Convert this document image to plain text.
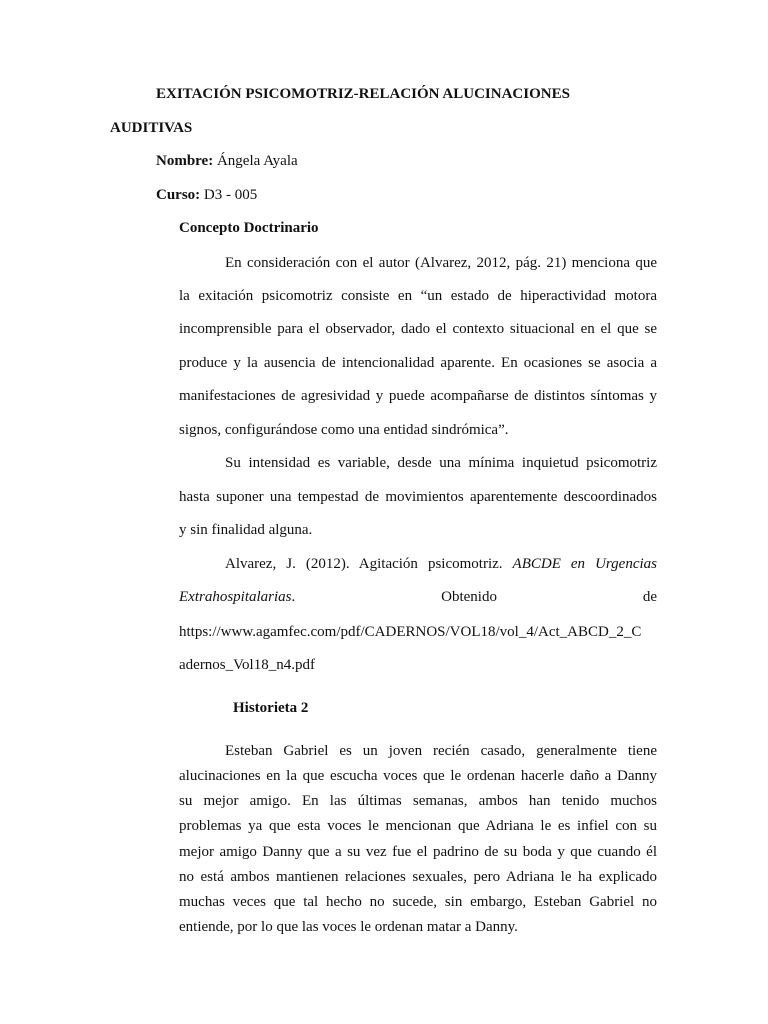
EXITACIÓN PSICOMOTRIZ-RELACIÓN ALUCINACIONES
AUDITIVAS
Nombre: Ángela Ayala
Curso: D3 - 005
Concepto Doctrinario
En consideración con el autor (Alvarez, 2012, pág. 21) menciona que
la exitación psicomotriz consiste en “un estado de hiperactividad motora
incomprensible para el observador, dado el contexto situacional en el que se
produce y la ausencia de intencionalidad aparente. En ocasiones se asocia a
manifestaciones de agresividad y puede acompañarse de distintos síntomas y
signos, configurándose como una entidad sindrómica”.
Su intensidad es variable, desde una mínima inquietud psicomotriz
hasta suponer una tempestad de movimientos aparentemente descoordinados
y sin finalidad alguna.
Alvarez, J. (2012). Agitación psicomotriz. ABCDE en Urgencias
Extrahospitalarias.	Obtenido	de
https://www.agamfec.com/pdf/CADERNOS/VOL18/vol_4/Act_ABCD_2_C
adernos_Vol18_n4.pdf
Historieta 2
Esteban Gabriel es un joven recién casado, generalmente tiene
alucinaciones en la que escucha voces que le ordenan hacerle daño a Danny
su mejor amigo. En las últimas semanas, ambos han tenido muchos
problemas ya que esta voces le mencionan que Adriana le es infiel con su
mejor amigo Danny que a su vez fue el padrino de su boda y que cuando él
no está ambos mantienen relaciones sexuales, pero Adriana le ha explicado
muchas veces que tal hecho no sucede, sin embargo, Esteban Gabriel no
entiende, por lo que las voces le ordenan matar a Danny.
